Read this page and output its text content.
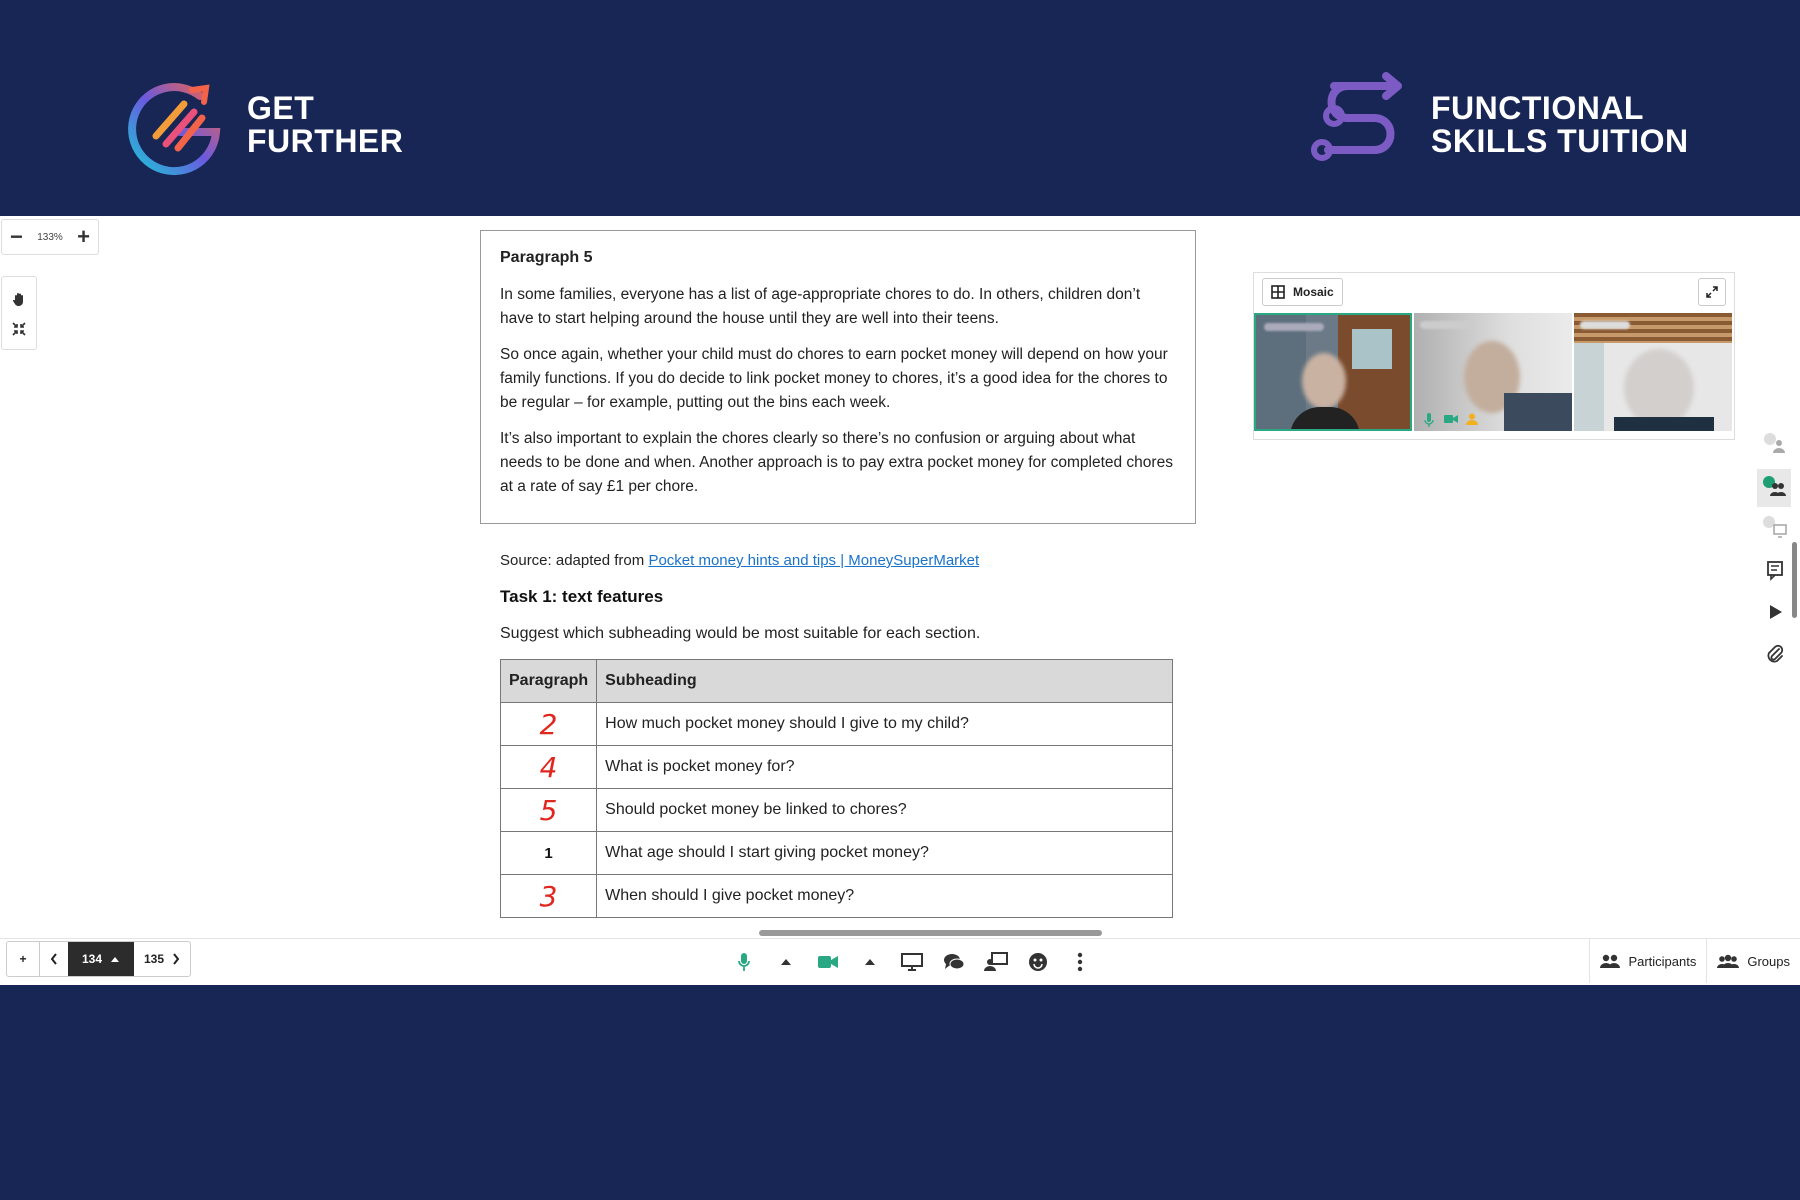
GET
FURTHER
FUNCTIONAL
SKILLS TUITION
Paragraph 5

In some families, everyone has a list of age-appropriate chores to do. In others, children don’t have to start helping around the house until they are well into their teens.

So once again, whether your child must do chores to earn pocket money will depend on how your family functions. If you do decide to link pocket money to chores, it’s a good idea for the chores to be regular – for example, putting out the bins each week.

It’s also important to explain the chores clearly so there’s no confusion or arguing about what needs to be done and when. Another approach is to pay extra pocket money for completed chores at a rate of say £1 per chore.

Source: adapted from Pocket money hints and tips | MoneySuperMarket
Task 1: text features
Suggest which subheading would be most suitable for each section.
Paragraph	Subheading
2	How much pocket money should I give to my child?
4	What is pocket money for?
5	Should pocket money be linked to chores?
1	What age should I start giving pocket money?
3	When should I give pocket money?
− 133% +
Mosaic
+	134	135	Participants	Groups
